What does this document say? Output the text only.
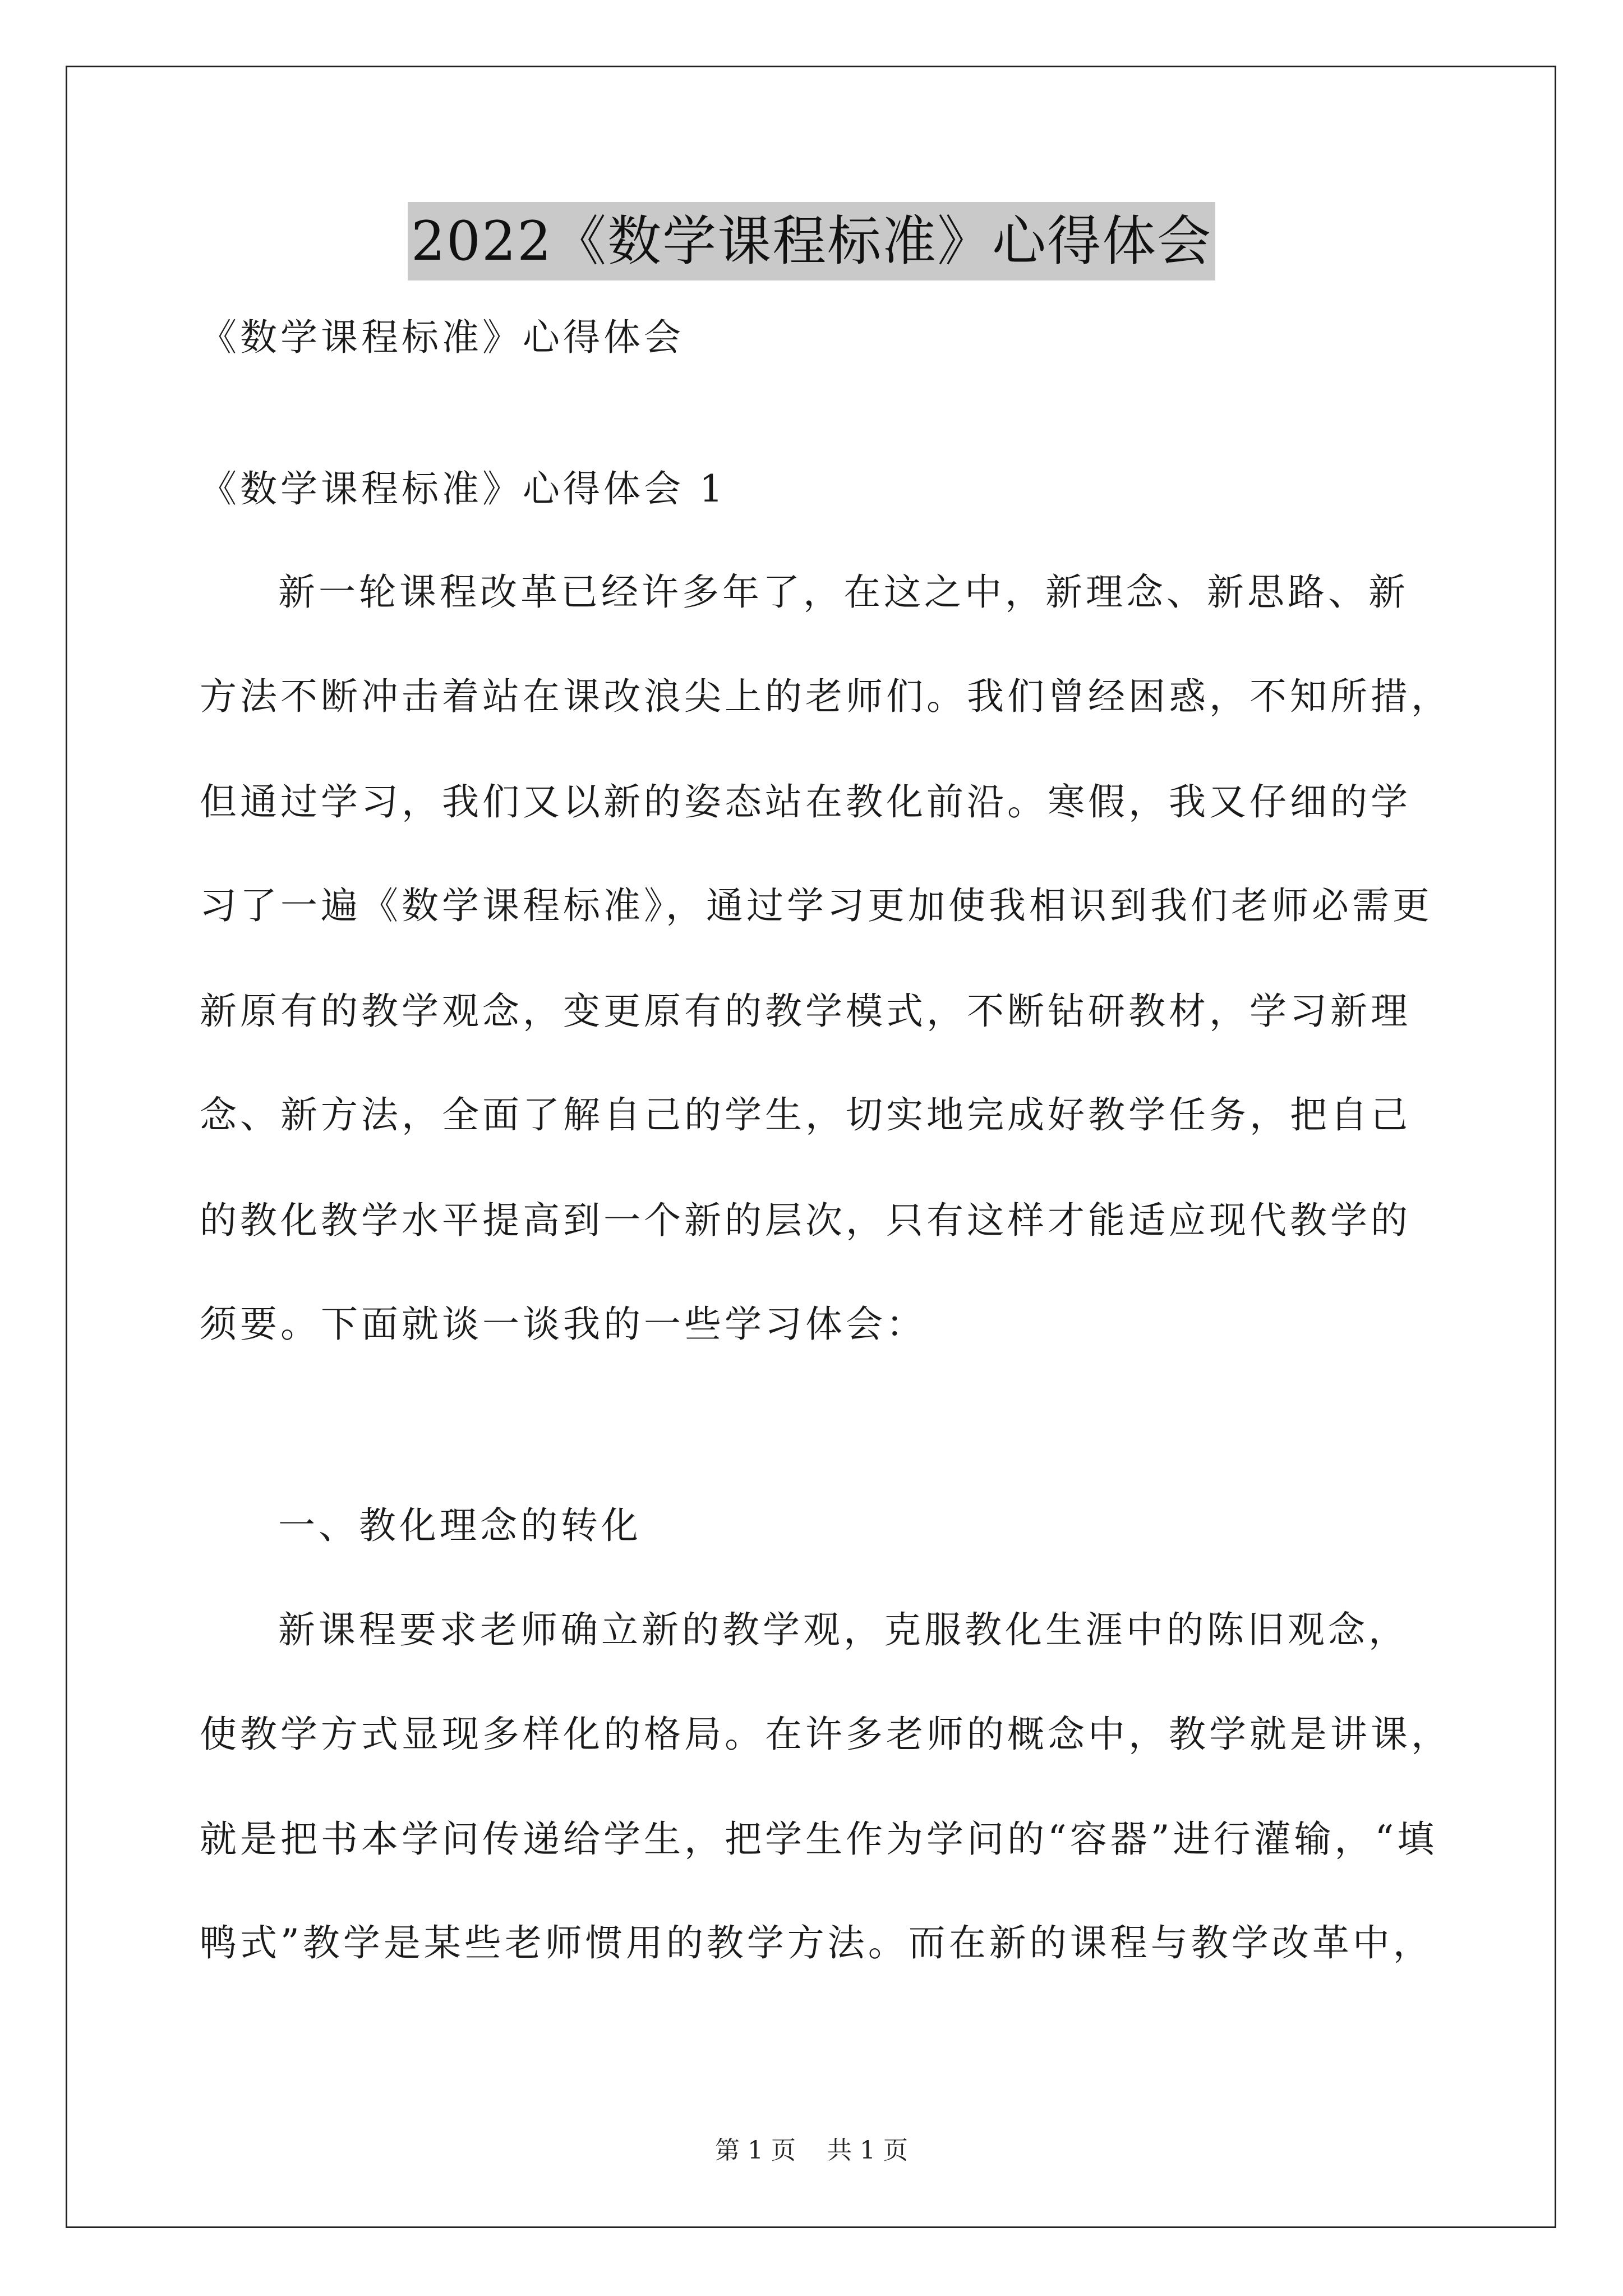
2022《数学课程标准》心得体会
《数学课程标准》心得体会
《数学课程标准》心得体会 1
新一轮课程改革已经许多年了，在这之中，新理念、新思路、新
方法不断冲击着站在课改浪尖上的老师们。我们曾经困惑，不知所措，
但通过学习，我们又以新的姿态站在教化前沿。寒假，我又仔细的学
习了一遍《数学课程标准》，通过学习更加使我相识到我们老师必需更
新原有的教学观念，变更原有的教学模式，不断钻研教材，学习新理
念、新方法，全面了解自己的学生，切实地完成好教学任务，把自己
的教化教学水平提高到一个新的层次，只有这样才能适应现代教学的
须要。下面就谈一谈我的一些学习体会：
一、教化理念的转化
新课程要求老师确立新的教学观，克服教化生涯中的陈旧观念，
使教学方式显现多样化的格局。在许多老师的概念中，教学就是讲课，
就是把书本学问传递给学生，把学生作为学问的“容器”进行灌输，“填
鸭式”教学是某些老师惯用的教学方法。而在新的课程与教学改革中，
第 1 页 共 1 页
